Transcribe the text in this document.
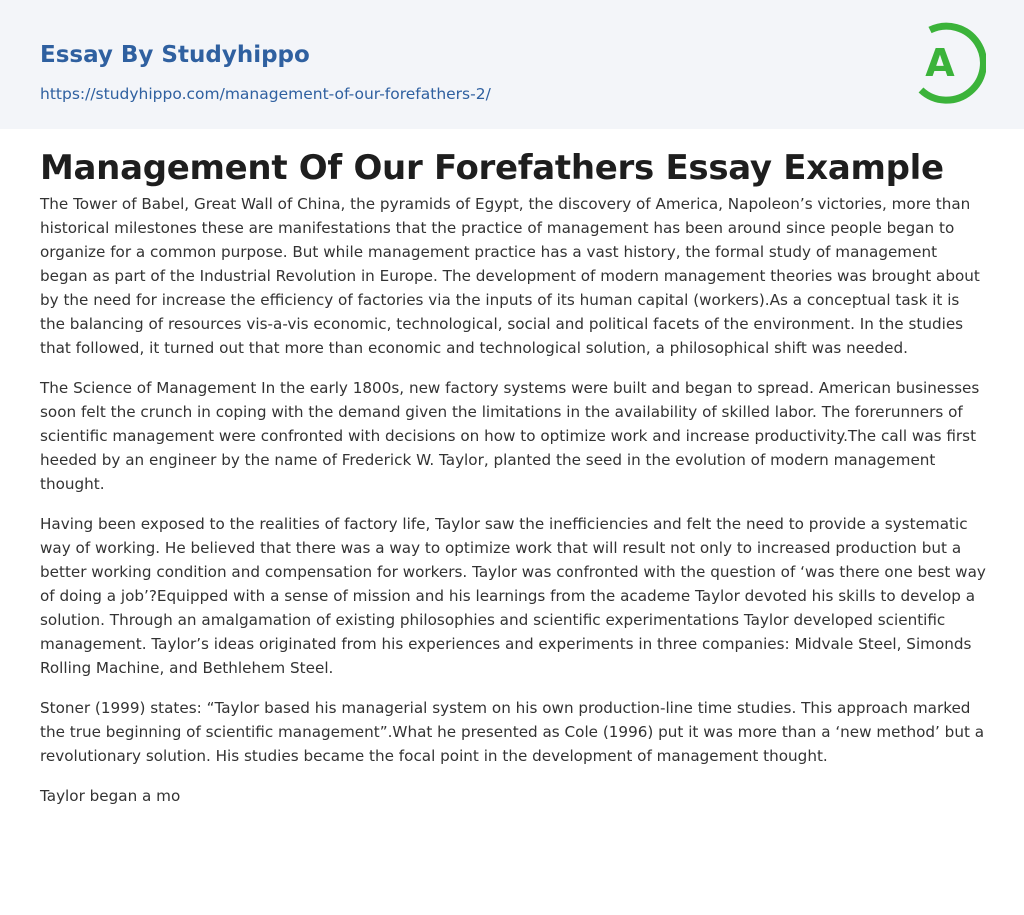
Essay By Studyhippo
https://studyhippo.com/management-of-our-forefathers-2/
A
Management Of Our Forefathers Essay Example

The Tower of Babel, Great Wall of China, the pyramids of Egypt, the discovery of America, Napoleon’s victories, more than historical milestones these are manifestations that the practice of management has been around since people began to organize for a common purpose. But while management practice has a vast history, the formal study of management began as part of the Industrial Revolution in Europe. The development of modern management theories was brought about by the need for increase the efficiency of factories via the inputs of its human capital (workers).As a conceptual task it is the balancing of resources vis-a-vis economic, technological, social and political facets of the environment. In the studies that followed, it turned out that more than economic and technological solution, a philosophical shift was needed.

The Science of Management In the early 1800s, new factory systems were built and began to spread. American businesses soon felt the crunch in coping with the demand given the limitations in the availability of skilled labor. The forerunners of scientific management were confronted with decisions on how to optimize work and increase productivity.The call was first heeded by an engineer by the name of Frederick W. Taylor, planted the seed in the evolution of modern management thought.

Having been exposed to the realities of factory life, Taylor saw the inefficiencies and felt the need to provide a systematic way of working. He believed that there was a way to optimize work that will result not only to increased production but a better working condition and compensation for workers. Taylor was confronted with the question of ‘was there one best way of doing a job’?Equipped with a sense of mission and his learnings from the academe Taylor devoted his skills to develop a solution. Through an amalgamation of existing philosophies and scientific experimentations Taylor developed scientific management. Taylor’s ideas originated from his experiences and experiments in three companies: Midvale Steel, Simonds Rolling Machine, and Bethlehem Steel.

Stoner (1999) states: “Taylor based his managerial system on his own production-line time studies. This approach marked the true beginning of scientific management”.What he presented as Cole (1996) put it was more than a ‘new method’ but a revolutionary solution. His studies became the focal point in the development of management thought.

Taylor began a mo
